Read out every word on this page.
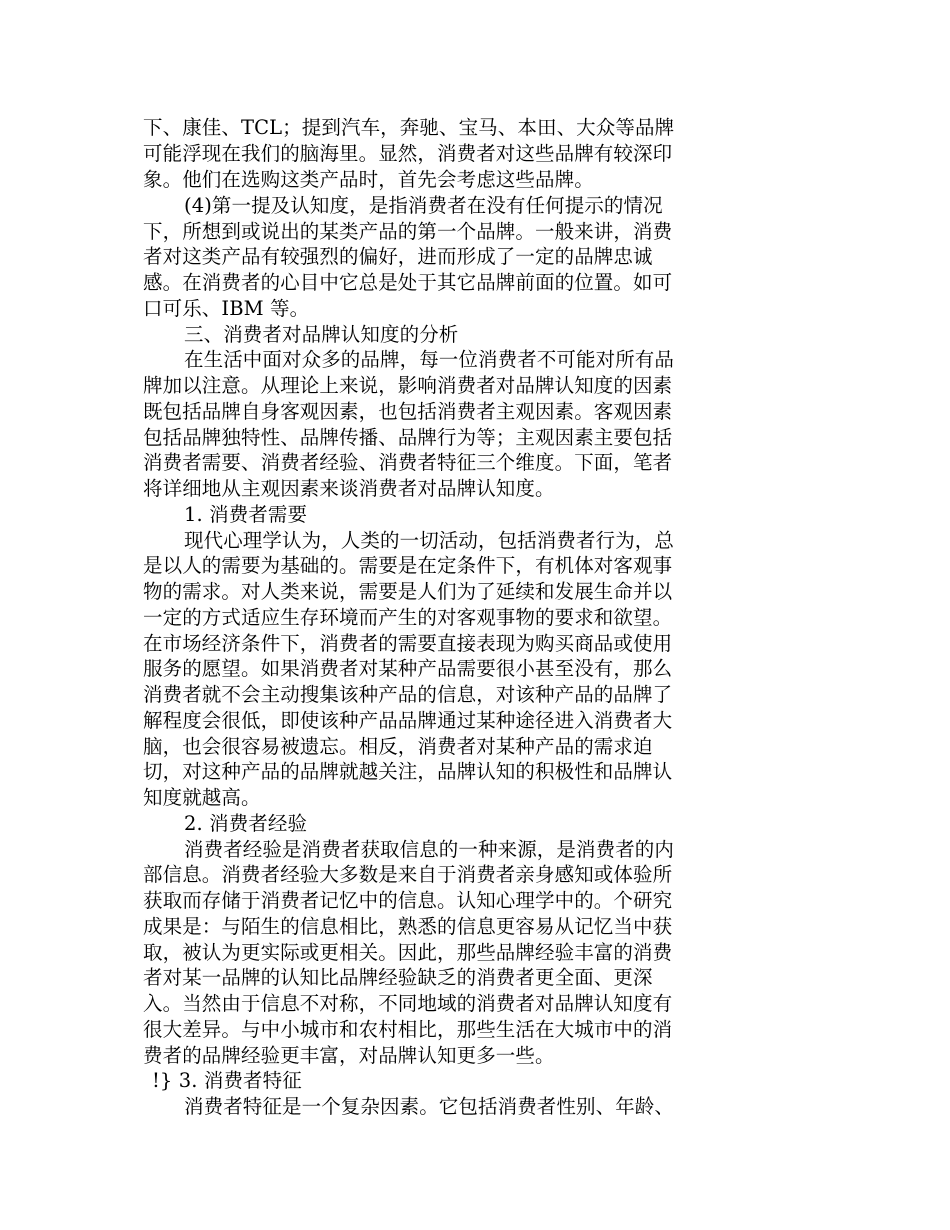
下、康佳、TCL；提到汽车，奔驰、宝马、本田、大众等品牌
可能浮现在我们的脑海里。显然，消费者对这些品牌有较深印
象。他们在选购这类产品时，首先会考虑这些品牌。
(4)第一提及认知度，是指消费者在没有任何提示的情况
下，所想到或说出的某类产品的第一个品牌。一般来讲，消费
者对这类产品有较强烈的偏好，进而形成了一定的品牌忠诚
感。在消费者的心目中它总是处于其它品牌前面的位置。如可
口可乐、IBM 等。
三、消费者对品牌认知度的分析
在生活中面对众多的品牌，每一位消费者不可能对所有品
牌加以注意。从理论上来说，影响消费者对品牌认知度的因素
既包括品牌自身客观因素，也包括消费者主观因素。客观因素
包括品牌独特性、品牌传播、品牌行为等；主观因素主要包括
消费者需要、消费者经验、消费者特征三个维度。下面，笔者
将详细地从主观因素来谈消费者对品牌认知度。
1. 消费者需要
现代心理学认为，人类的一切活动，包括消费者行为，总
是以人的需要为基础的。需要是在定条件下，有机体对客观事
物的需求。对人类来说，需要是人们为了延续和发展生命并以
一定的方式适应生存环境而产生的对客观事物的要求和欲望。
在市场经济条件下，消费者的需要直接表现为购买商品或使用
服务的愿望。如果消费者对某种产品需要很小甚至没有，那么
消费者就不会主动搜集该种产品的信息，对该种产品的品牌了
解程度会很低，即使该种产品品牌通过某种途径进入消费者大
脑，也会很容易被遗忘。相反，消费者对某种产品的需求迫
切，对这种产品的品牌就越关注，品牌认知的积极性和品牌认
知度就越高。
2. 消费者经验
消费者经验是消费者获取信息的一种来源，是消费者的内
部信息。消费者经验大多数是来自于消费者亲身感知或体验所
获取而存储于消费者记忆中的信息。认知心理学中的。个研究
成果是：与陌生的信息相比，熟悉的信息更容易从记忆当中获
取，被认为更实际或更相关。因此，那些品牌经验丰富的消费
者对某一品牌的认知比品牌经验缺乏的消费者更全面、更深
入。当然由于信息不对称，不同地域的消费者对品牌认知度有
很大差异。与中小城市和农村相比，那些生活在大城市中的消
费者的品牌经验更丰富，对品牌认知更多一些。
!} 3. 消费者特征
消费者特征是一个复杂因素。它包括消费者性别、年龄、
